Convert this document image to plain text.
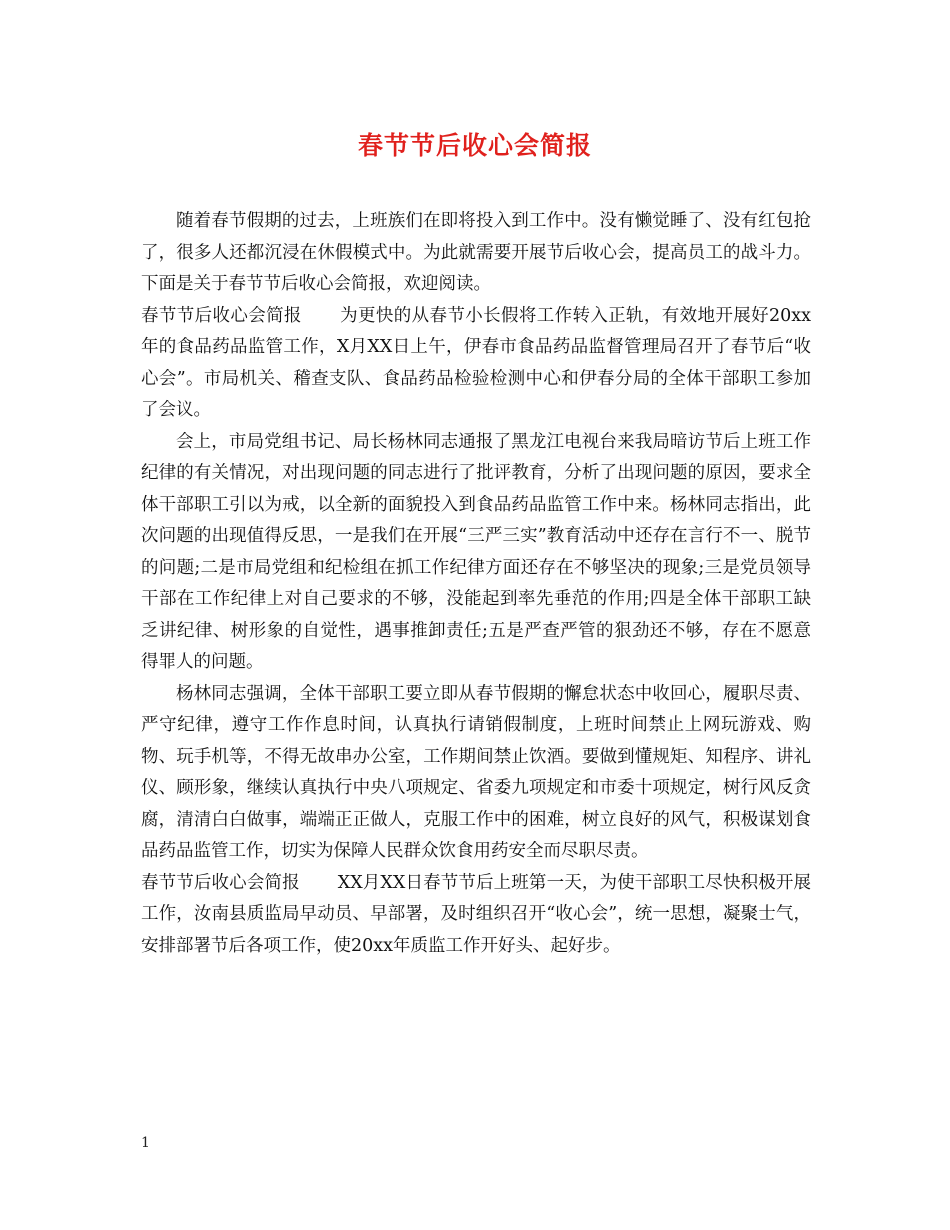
春节节后收心会简报

随着春节假期的过去，上班族们在即将投入到工作中。没有懒觉睡了、没有红包抢了，很多人还都沉浸在休假模式中。为此就需要开展节后收心会，提高员工的战斗力。下面是关于春节节后收心会简报，欢迎阅读。

春节节后收心会简报 为更快的从春节小长假将工作转入正轨，有效地开展好20xx年的食品药品监管工作，X月XX日上午，伊春市食品药品监督管理局召开了春节后“收心会”。市局机关、稽查支队、食品药品检验检测中心和伊春分局的全体干部职工参加了会议。

会上，市局党组书记、局长杨林同志通报了黑龙江电视台来我局暗访节后上班工作纪律的有关情况，对出现问题的同志进行了批评教育，分析了出现问题的原因，要求全体干部职工引以为戒，以全新的面貌投入到食品药品监管工作中来。杨林同志指出，此次问题的出现值得反思，一是我们在开展“三严三实”教育活动中还存在言行不一、脱节的问题;二是市局党组和纪检组在抓工作纪律方面还存在不够坚决的现象;三是党员领导干部在工作纪律上对自己要求的不够，没能起到率先垂范的作用;四是全体干部职工缺乏讲纪律、树形象的自觉性，遇事推卸责任;五是严查严管的狠劲还不够，存在不愿意得罪人的问题。

杨林同志强调，全体干部职工要立即从春节假期的懈怠状态中收回心，履职尽责、严守纪律，遵守工作作息时间，认真执行请销假制度，上班时间禁止上网玩游戏、购物、玩手机等，不得无故串办公室，工作期间禁止饮酒。要做到懂规矩、知程序、讲礼仪、顾形象，继续认真执行中央八项规定、省委九项规定和市委十项规定，树行风反贪腐，清清白白做事，端端正正做人，克服工作中的困难，树立良好的风气，积极谋划食品药品监管工作，切实为保障人民群众饮食用药安全而尽职尽责。

春节节后收心会简报 XX月XX日春节节后上班第一天，为使干部职工尽快积极开展工作，汝南县质监局早动员、早部署，及时组织召开“收心会”，统一思想，凝聚士气，安排部署节后各项工作，使20xx年质监工作开好头、起好步。

1
